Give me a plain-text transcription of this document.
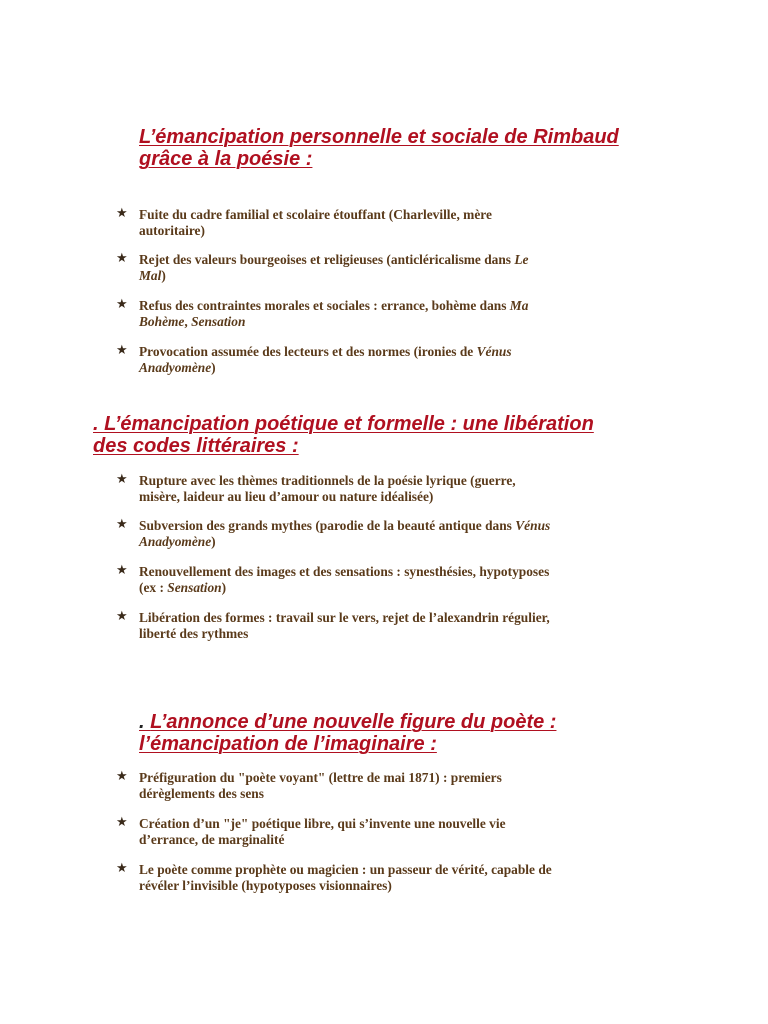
L’émancipation personnelle et sociale de Rimbaud
grâce à la poésie :
★ Fuite du cadre familial et scolaire étouffant (Charleville, mère
autoritaire)
★ Rejet des valeurs bourgeoises et religieuses (anticléricalisme dans Le
Mal)
★ Refus des contraintes morales et sociales : errance, bohème dans Ma
Bohème, Sensation
★ Provocation assumée des lecteurs et des normes (ironies de Vénus
Anadyomène)
. L’émancipation poétique et formelle : une libération
des codes littéraires :
★ Rupture avec les thèmes traditionnels de la poésie lyrique (guerre,
misère, laideur au lieu d’amour ou nature idéalisée)
★ Subversion des grands mythes (parodie de la beauté antique dans Vénus
Anadyomène)
★ Renouvellement des images et des sensations : synesthésies, hypotyposes
(ex : Sensation)
★ Libération des formes : travail sur le vers, rejet de l’alexandrin régulier,
liberté des rythmes
. L’annonce d’une nouvelle figure du poète :
l’émancipation de l’imaginaire :
★ Préfiguration du "poète voyant" (lettre de mai 1871) : premiers
dérèglements des sens
★ Création d’un "je" poétique libre, qui s’invente une nouvelle vie
d’errance, de marginalité
★ Le poète comme prophète ou magicien : un passeur de vérité, capable de
révéler l’invisible (hypotyposes visionnaires)
